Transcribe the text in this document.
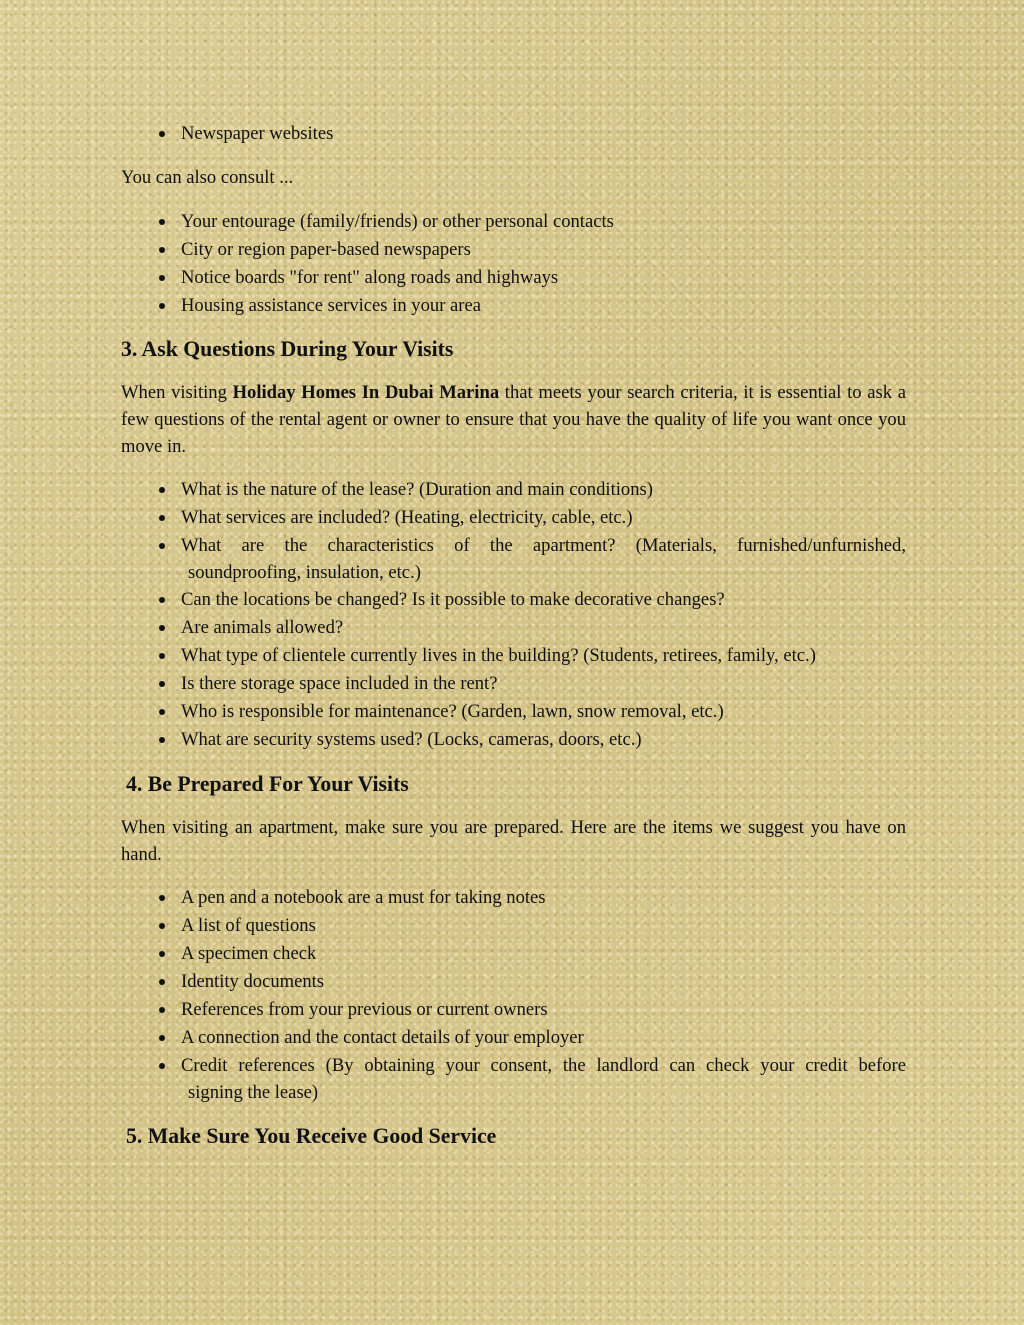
Newspaper websites

You can also consult ...

Your entourage (family/friends) or other personal contacts
City or region paper-based newspapers
Notice boards "for rent" along roads and highways
Housing assistance services in your area
3. Ask Questions During Your Visits

When visiting Holiday Homes In Dubai Marina that meets your search criteria, it is essential to ask a few questions of the rental agent or owner to ensure that you have the quality of life you want once you move in.

What is the nature of the lease? (Duration and main conditions)
What services are included? (Heating, electricity, cable, etc.)
What are the characteristics of the apartment? (Materials, furnished/unfurnished,
soundproofing, insulation, etc.)
Can the locations be changed? Is it possible to make decorative changes?
Are animals allowed?
What type of clientele currently lives in the building? (Students, retirees, family, etc.)
Is there storage space included in the rent?
Who is responsible for maintenance? (Garden, lawn, snow removal, etc.)
What are security systems used? (Locks, cameras, doors, etc.)
4. Be Prepared For Your Visits

When visiting an apartment, make sure you are prepared. Here are the items we suggest you have on hand.

A pen and a notebook are a must for taking notes
A list of questions
A specimen check
Identity documents
References from your previous or current owners
A connection and the contact details of your employer
Credit references (By obtaining your consent, the landlord can check your credit before
signing the lease)
5. Make Sure You Receive Good Service
